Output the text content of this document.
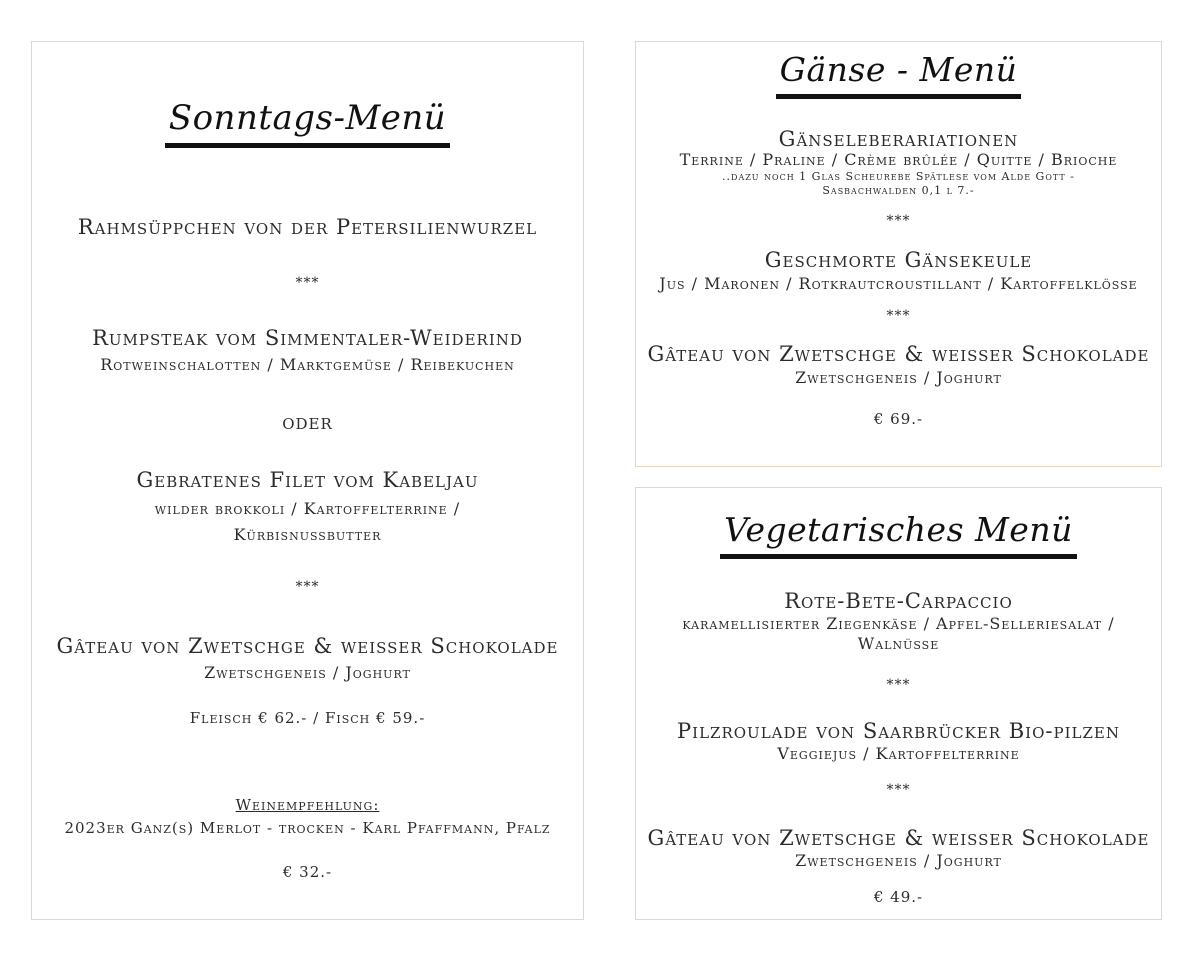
Sonntags-Menü
Rahmsüppchen von der Petersilienwurzel
***
Rumpsteak vom Simmentaler-Weiderind
Rotweinschalotten / Marktgemüse / Reibekuchen
oder
Gebratenes Filet vom Kabeljau
wilder brokkoli / Kartoffelterrine /
Kürbisnussbutter
***
Gâteau von Zwetschge & weisser Schokolade
Zwetschgeneis / Joghurt
Fleisch € 62.- / Fisch € 59.-
Weinempfehlung:
2023er Ganz(s) Merlot - trocken - Karl Pfaffmann, Pfalz
€ 32.-
Gänse - Menü
Gänseleberariationen
Terrine / Praline / Crème brûlée / Quitte / Brioche
..dazu noch 1 Glas Scheurebe Spätlese vom Alde Gott -
Sasbachwalden 0,1 l 7.-
***
Geschmorte Gänsekeule
Jus / Maronen / Rotkrautcroustillant / Kartoffelklösse
***
Gâteau von Zwetschge & weisser Schokolade
Zwetschgeneis / Joghurt
€ 69.-
Vegetarisches Menü
Rote-Bete-Carpaccio
karamellisierter Ziegenkäse / Apfel-Selleriesalat /
Walnüsse
***
Pilzroulade von Saarbrücker Bio-pilzen
Veggiejus / Kartoffelterrine
***
Gâteau von Zwetschge & weisser Schokolade
Zwetschgeneis / Joghurt
€ 49.-
